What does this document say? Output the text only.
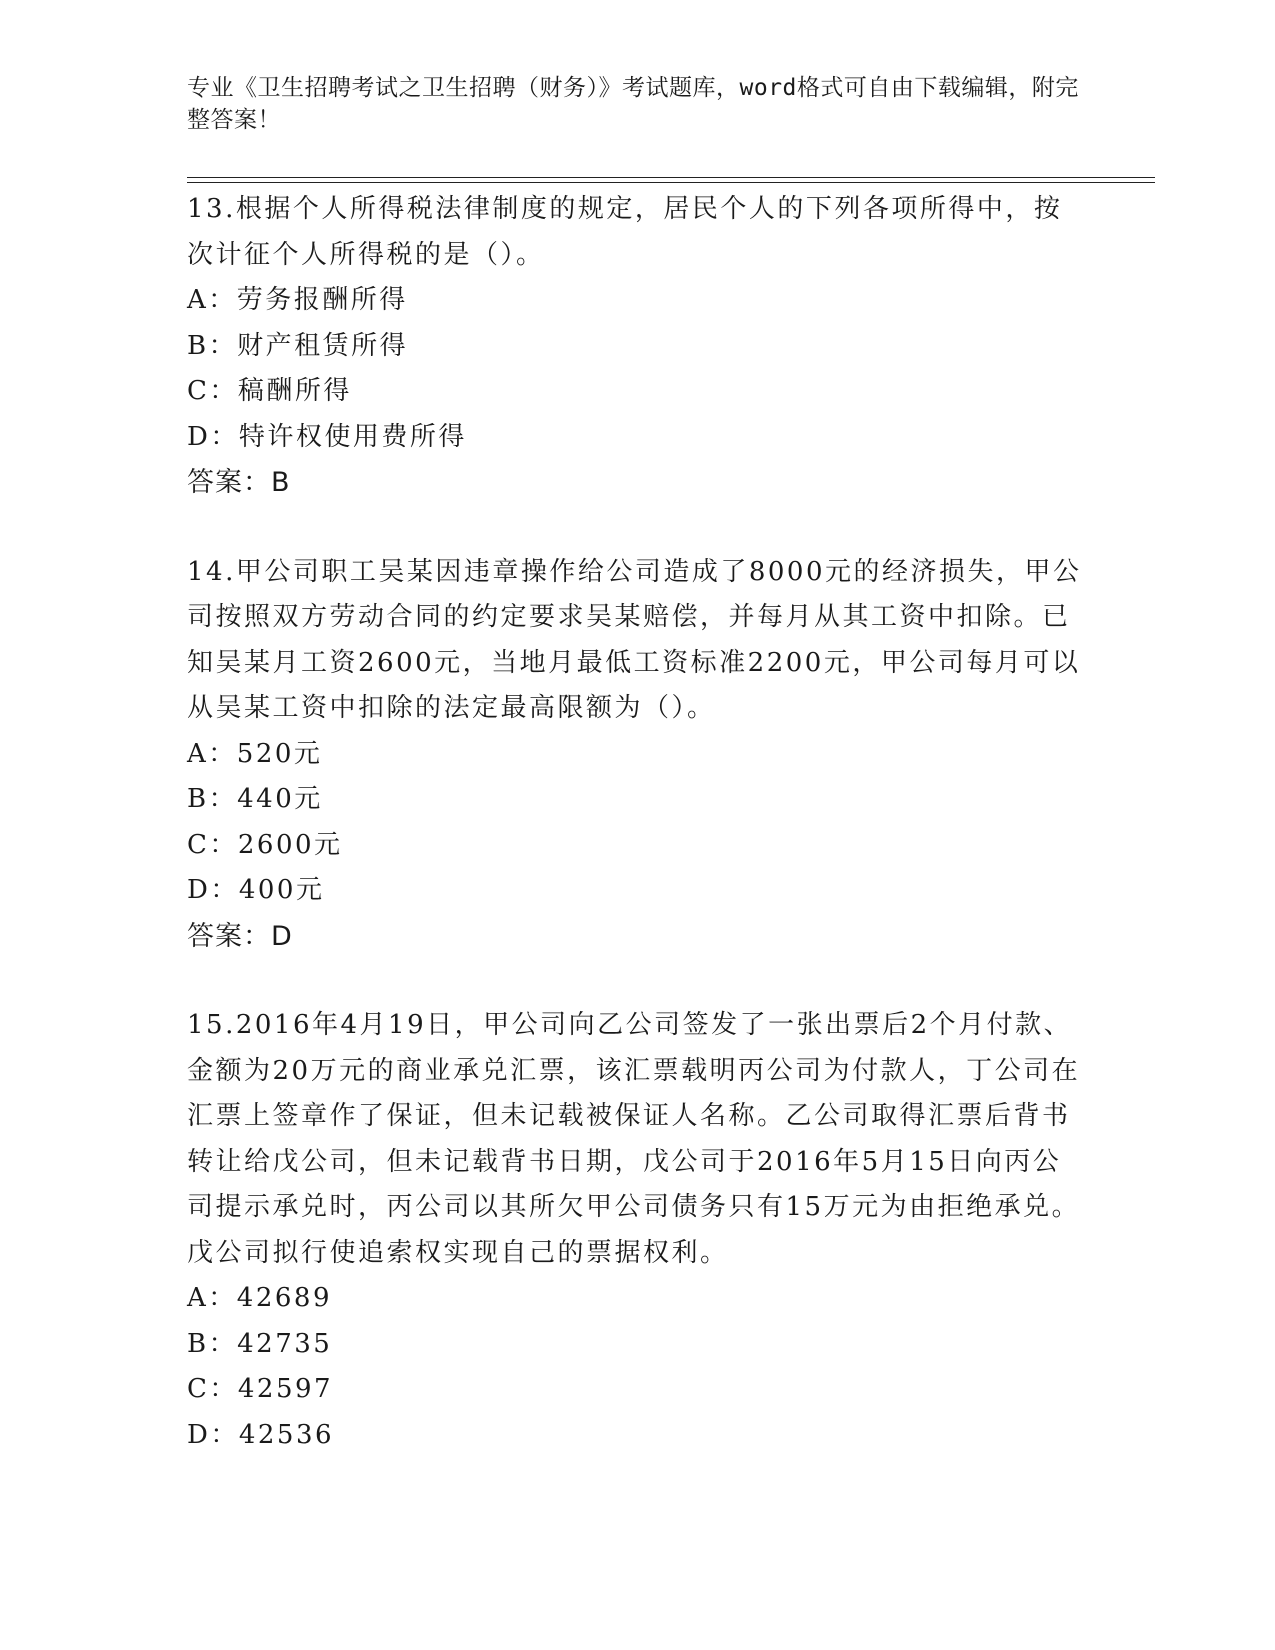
专业《卫生招聘考试之卫生招聘（财务）》考试题库，word格式可自由下载编辑，附完整答案！

13.根据个人所得税法律制度的规定，居民个人的下列各项所得中，按次计征个人所得税的是（）。

A：劳务报酬所得

B：财产租赁所得

C：稿酬所得

D：特许权使用费所得

答案：B

14.甲公司职工吴某因违章操作给公司造成了8000元的经济损失，甲公司按照双方劳动合同的约定要求吴某赔偿，并每月从其工资中扣除。已知吴某月工资2600元，当地月最低工资标准2200元，甲公司每月可以从吴某工资中扣除的法定最高限额为（）。

A：520元

B：440元

C：2600元

D：400元

答案：D

15.2016年4月19日，甲公司向乙公司签发了一张出票后2个月付款、金额为20万元的商业承兑汇票，该汇票载明丙公司为付款人，丁公司在汇票上签章作了保证，但未记载被保证人名称。乙公司取得汇票后背书转让给戊公司，但未记载背书日期，戊公司于2016年5月15日向丙公司提示承兑时，丙公司以其所欠甲公司债务只有15万元为由拒绝承兑。戊公司拟行使追索权实现自己的票据权利。

A：42689

B：42735

C：42597

D：42536
